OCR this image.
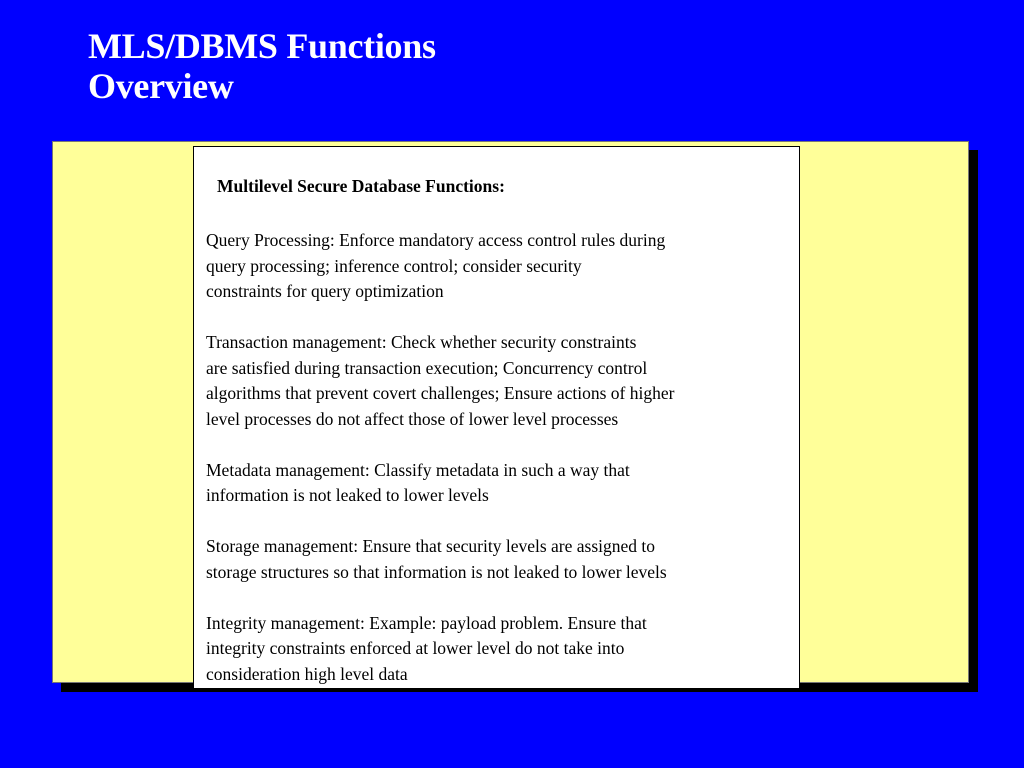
MLS/DBMS Functions
Overview

Multilevel Secure Database Functions:

Query Processing: Enforce mandatory access control rules during
query processing; inference control; consider security
constraints for query optimization
Transaction management: Check whether security constraints
are satisfied during transaction execution; Concurrency control
algorithms that prevent covert challenges; Ensure actions of higher
level processes do not affect those of lower level processes
Metadata management: Classify metadata in such a way that
information is not leaked to lower levels
Storage management: Ensure that security levels are assigned to
storage structures so that information is not leaked to lower levels
Integrity management: Example: payload problem. Ensure that
integrity constraints enforced at lower level do not take into
consideration high level data
